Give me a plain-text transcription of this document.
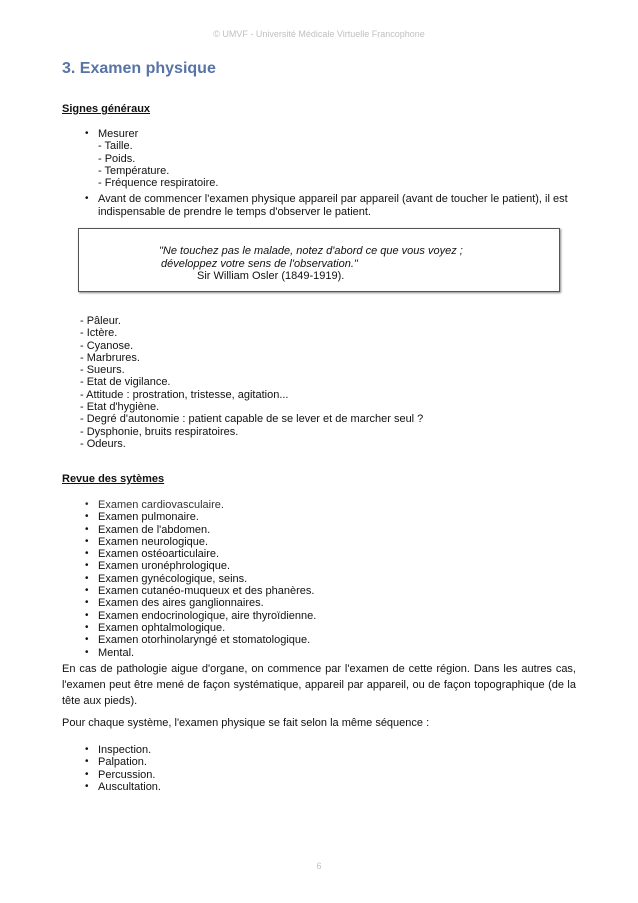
© UMVF - Université Médicale Virtuelle Francophone
3. Examen physique
Signes généraux
• Mesurer
- Taille.
- Poids.
- Température.
- Fréquence respiratoire.
• Avant de commencer l'examen physique appareil par appareil (avant de toucher le patient), il est
indispensable de prendre le temps d'observer le patient.
"Ne touchez pas le malade, notez d'abord ce que vous voyez ;
développez votre sens de l'observation."
Sir William Osler (1849-1919).
- Pâleur.
- Ictère.
- Cyanose.
- Marbrures.
- Sueurs.
- Etat de vigilance.
- Attitude : prostration, tristesse, agitation...
- Etat d'hygiène.
- Degré d'autonomie : patient capable de se lever et de marcher seul ?
- Dysphonie, bruits respiratoires.
- Odeurs.
Revue des sytèmes
• Examen cardiovasculaire.
• Examen pulmonaire.
• Examen de l'abdomen.
• Examen neurologique.
• Examen ostéoarticulaire.
• Examen uronéphrologique.
• Examen gynécologique, seins.
• Examen cutanéo-muqueux et des phanères.
• Examen des aires ganglionnaires.
• Examen endocrinologique, aire thyroïdienne.
• Examen ophtalmologique.
• Examen otorhinolaryngé et stomatologique.
• Mental.

En cas de pathologie aigue d'organe, on commence par l'examen de cette région. Dans les autres cas, l'examen peut être mené de façon systématique, appareil par appareil, ou de façon topographique (de la tête aux pieds).

Pour chaque système, l'examen physique se fait selon la même séquence :

• Inspection.
• Palpation.
• Percussion.
• Auscultation.
6
